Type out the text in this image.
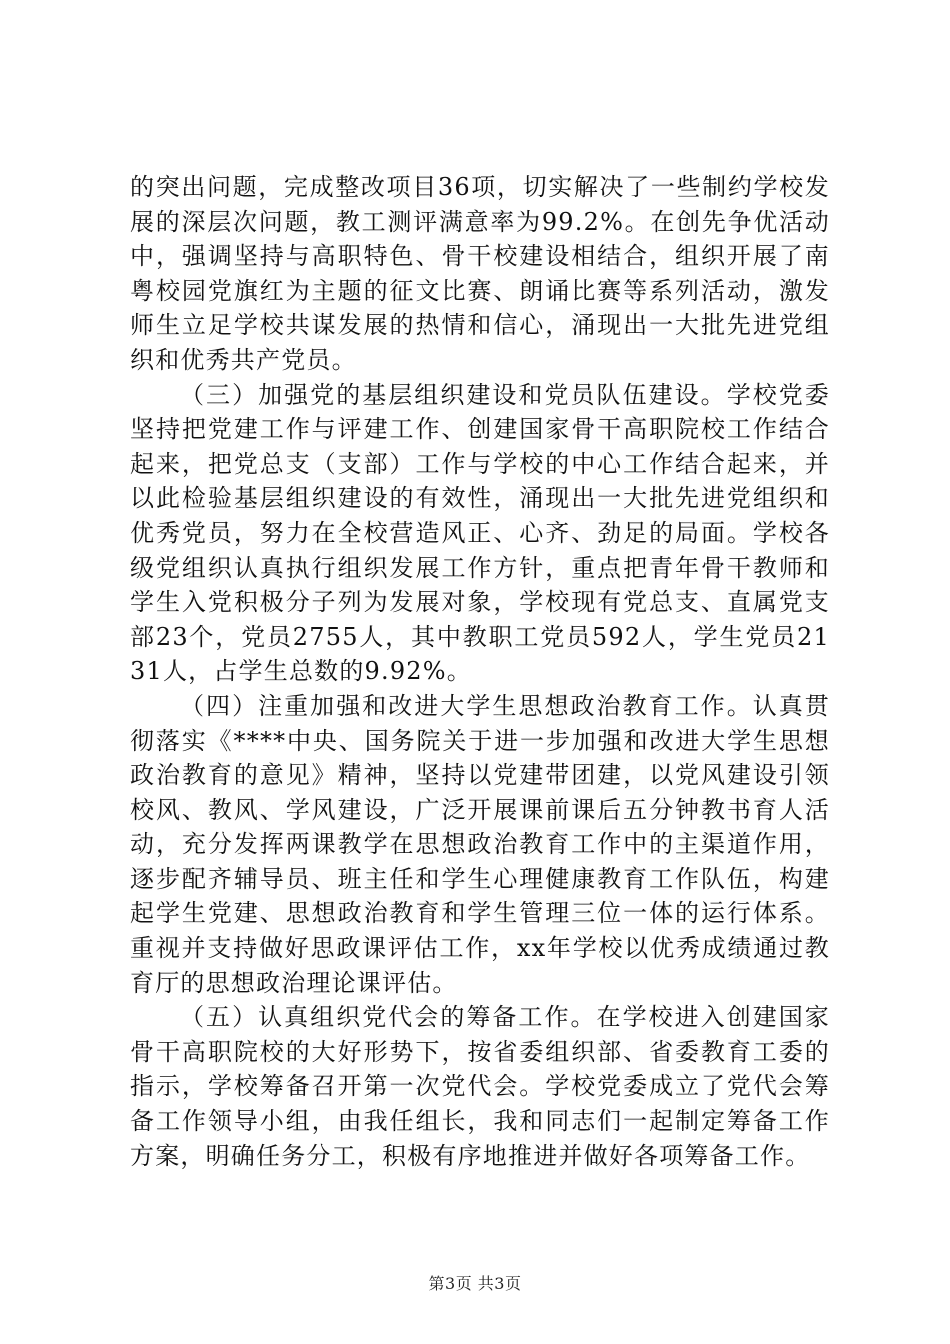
的突出问题，完成整改项目36项，切实解决了一些制约学校发展的深层次问题，教工测评满意率为99.2%。在创先争优活动中，强调坚持与高职特色、骨干校建设相结合，组织开展了南粤校园党旗红为主题的征文比赛、朗诵比赛等系列活动，激发师生立足学校共谋发展的热情和信心，涌现出一大批先进党组织和优秀共产党员。

（三）加强党的基层组织建设和党员队伍建设。学校党委坚持把党建工作与评建工作、创建国家骨干高职院校工作结合起来，把党总支（支部）工作与学校的中心工作结合起来，并以此检验基层组织建设的有效性，涌现出一大批先进党组织和优秀党员，努力在全校营造风正、心齐、劲足的局面。学校各级党组织认真执行组织发展工作方针，重点把青年骨干教师和学生入党积极分子列为发展对象，学校现有党总支、直属党支部23个，党员2755人，其中教职工党员592人，学生党员2131人，占学生总数的9.92%。

（四）注重加强和改进大学生思想政治教育工作。认真贯彻落实《****中央、国务院关于进一步加强和改进大学生思想政治教育的意见》精神，坚持以党建带团建，以党风建设引领校风、教风、学风建设，广泛开展课前课后五分钟教书育人活动，充分发挥两课教学在思想政治教育工作中的主渠道作用，逐步配齐辅导员、班主任和学生心理健康教育工作队伍，构建起学生党建、思想政治教育和学生管理三位一体的运行体系。重视并支持做好思政课评估工作，xx年学校以优秀成绩通过教育厅的思想政治理论课评估。

（五）认真组织党代会的筹备工作。在学校进入创建国家骨干高职院校的大好形势下，按省委组织部、省委教育工委的指示，学校筹备召开第一次党代会。学校党委成立了党代会筹备工作领导小组，由我任组长，我和同志们一起制定筹备工作方案，明确任务分工，积极有序地推进并做好各项筹备工作。

第3页 共3页
